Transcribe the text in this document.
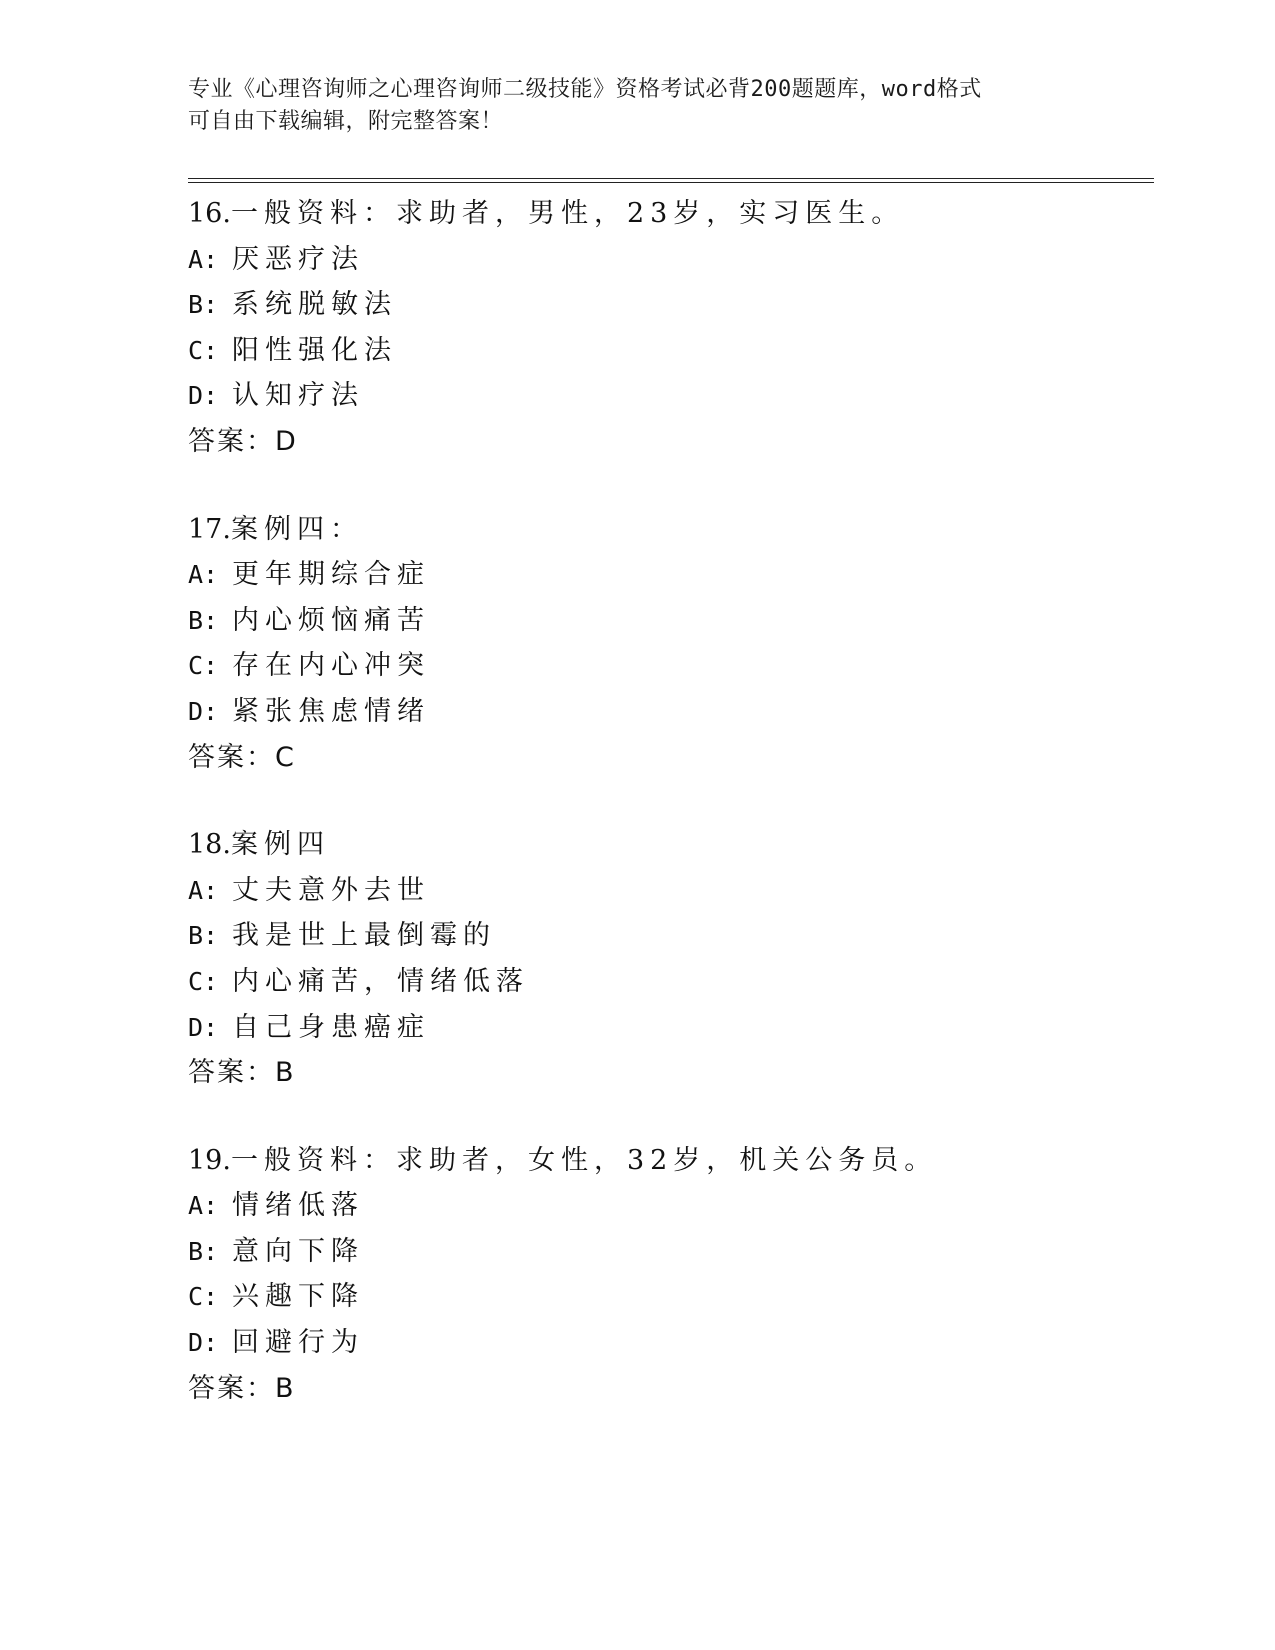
专业《心理咨询师之心理咨询师二级技能》资格考试必背200题题库，word格式
可自由下载编辑，附完整答案！
16.一般资料：求助者，男性，23岁，实习医生。
A: 厌恶疗法
B: 系统脱敏法
C: 阳性强化法
D: 认知疗法
答案：D
17.案例四：
A: 更年期综合症
B: 内心烦恼痛苦
C: 存在内心冲突
D: 紧张焦虑情绪
答案：C
18.案例四
A: 丈夫意外去世
B: 我是世上最倒霉的
C: 内心痛苦，情绪低落
D: 自己身患癌症
答案：B
19.一般资料：求助者，女性，32岁，机关公务员。
A: 情绪低落
B: 意向下降
C: 兴趣下降
D: 回避行为
答案：B
